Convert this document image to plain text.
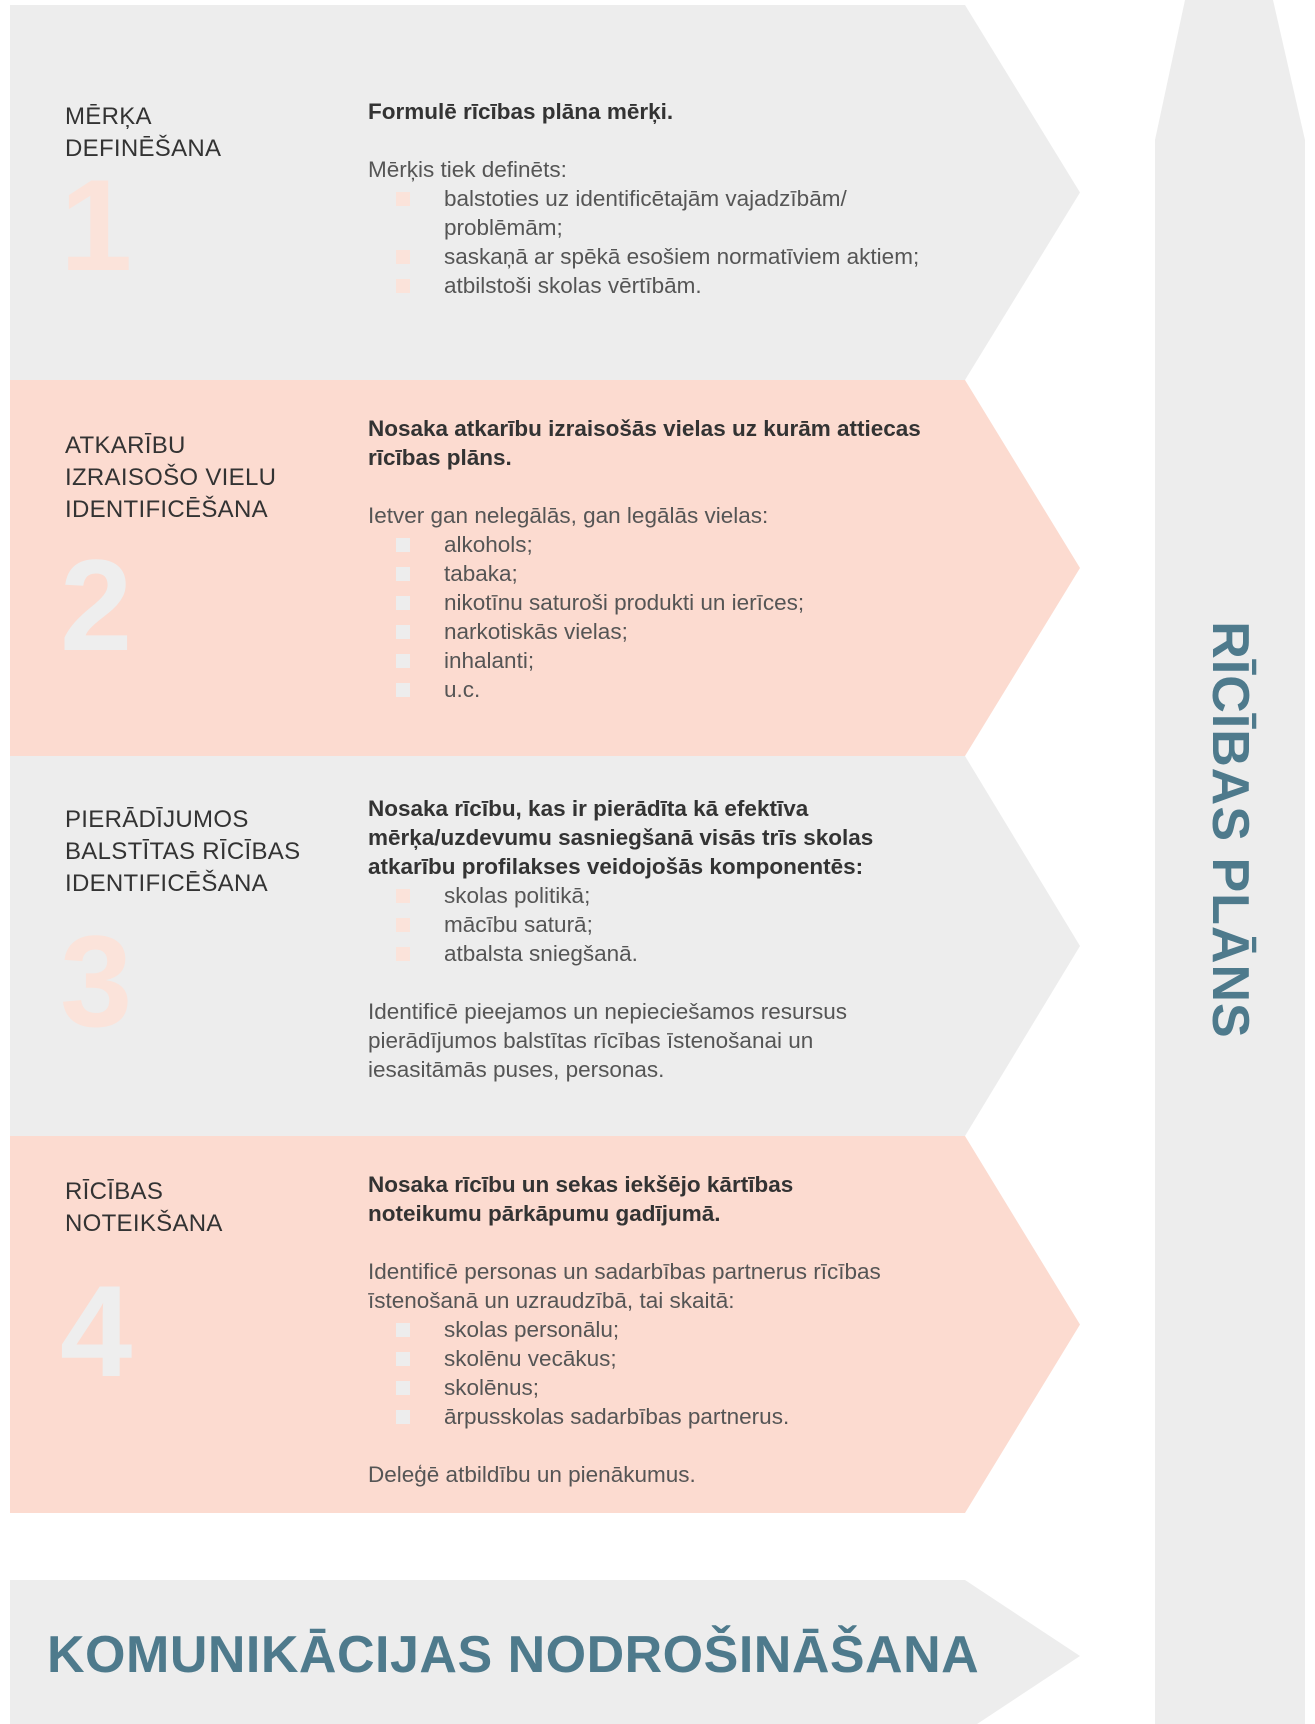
MĒRĶA DEFINĒŠANA
1

Formulē rīcības plāna mērķi.

Mērķis tiek definēts:

balstoties uz identificētajām vajadzībām/ problēmām;
saskaņā ar spēkā esošiem normatīviem aktiem;
atbilstoši skolas vērtībām.
ATKARĪBU IZRAISOŠO VIELU IDENTIFICĒŠANA
2

Nosaka atkarību izraisošās vielas uz kurām attiecas rīcības plāns.

Ietver gan nelegālās, gan legālās vielas:

alkohols;
tabaka;
nikotīnu saturoši produkti un ierīces;
narkotiskās vielas;
inhalanti;
u.c.
PIERĀDĪJUMOS BALSTĪTAS RĪCĪBAS IDENTIFICĒŠANA
3

Nosaka rīcību, kas ir pierādīta kā efektīva mērķa/uzdevumu sasniegšanā visās trīs skolas atkarību profilakses veidojošās komponentēs:

skolas politikā;
mācību saturā;
atbalsta sniegšanā.

Identificē pieejamos un nepieciešamos resursus pierādījumos balstītas rīcības īstenošanai un iesasitāmās puses, personas.

RĪCĪBAS NOTEIKŠANA
4

Nosaka rīcību un sekas iekšējo kārtības noteikumu pārkāpumu gadījumā.

Identificē personas un sadarbības partnerus rīcības īstenošanā un uzraudzībā, tai skaitā:

skolas personālu;
skolēnu vecākus;
skolēnus;
ārpusskolas sadarbības partnerus.

Deleģē atbildību un pienākumus.

KOMUNIKĀCIJAS NODROŠINĀŠANA
RĪCĪBAS PLĀNS
